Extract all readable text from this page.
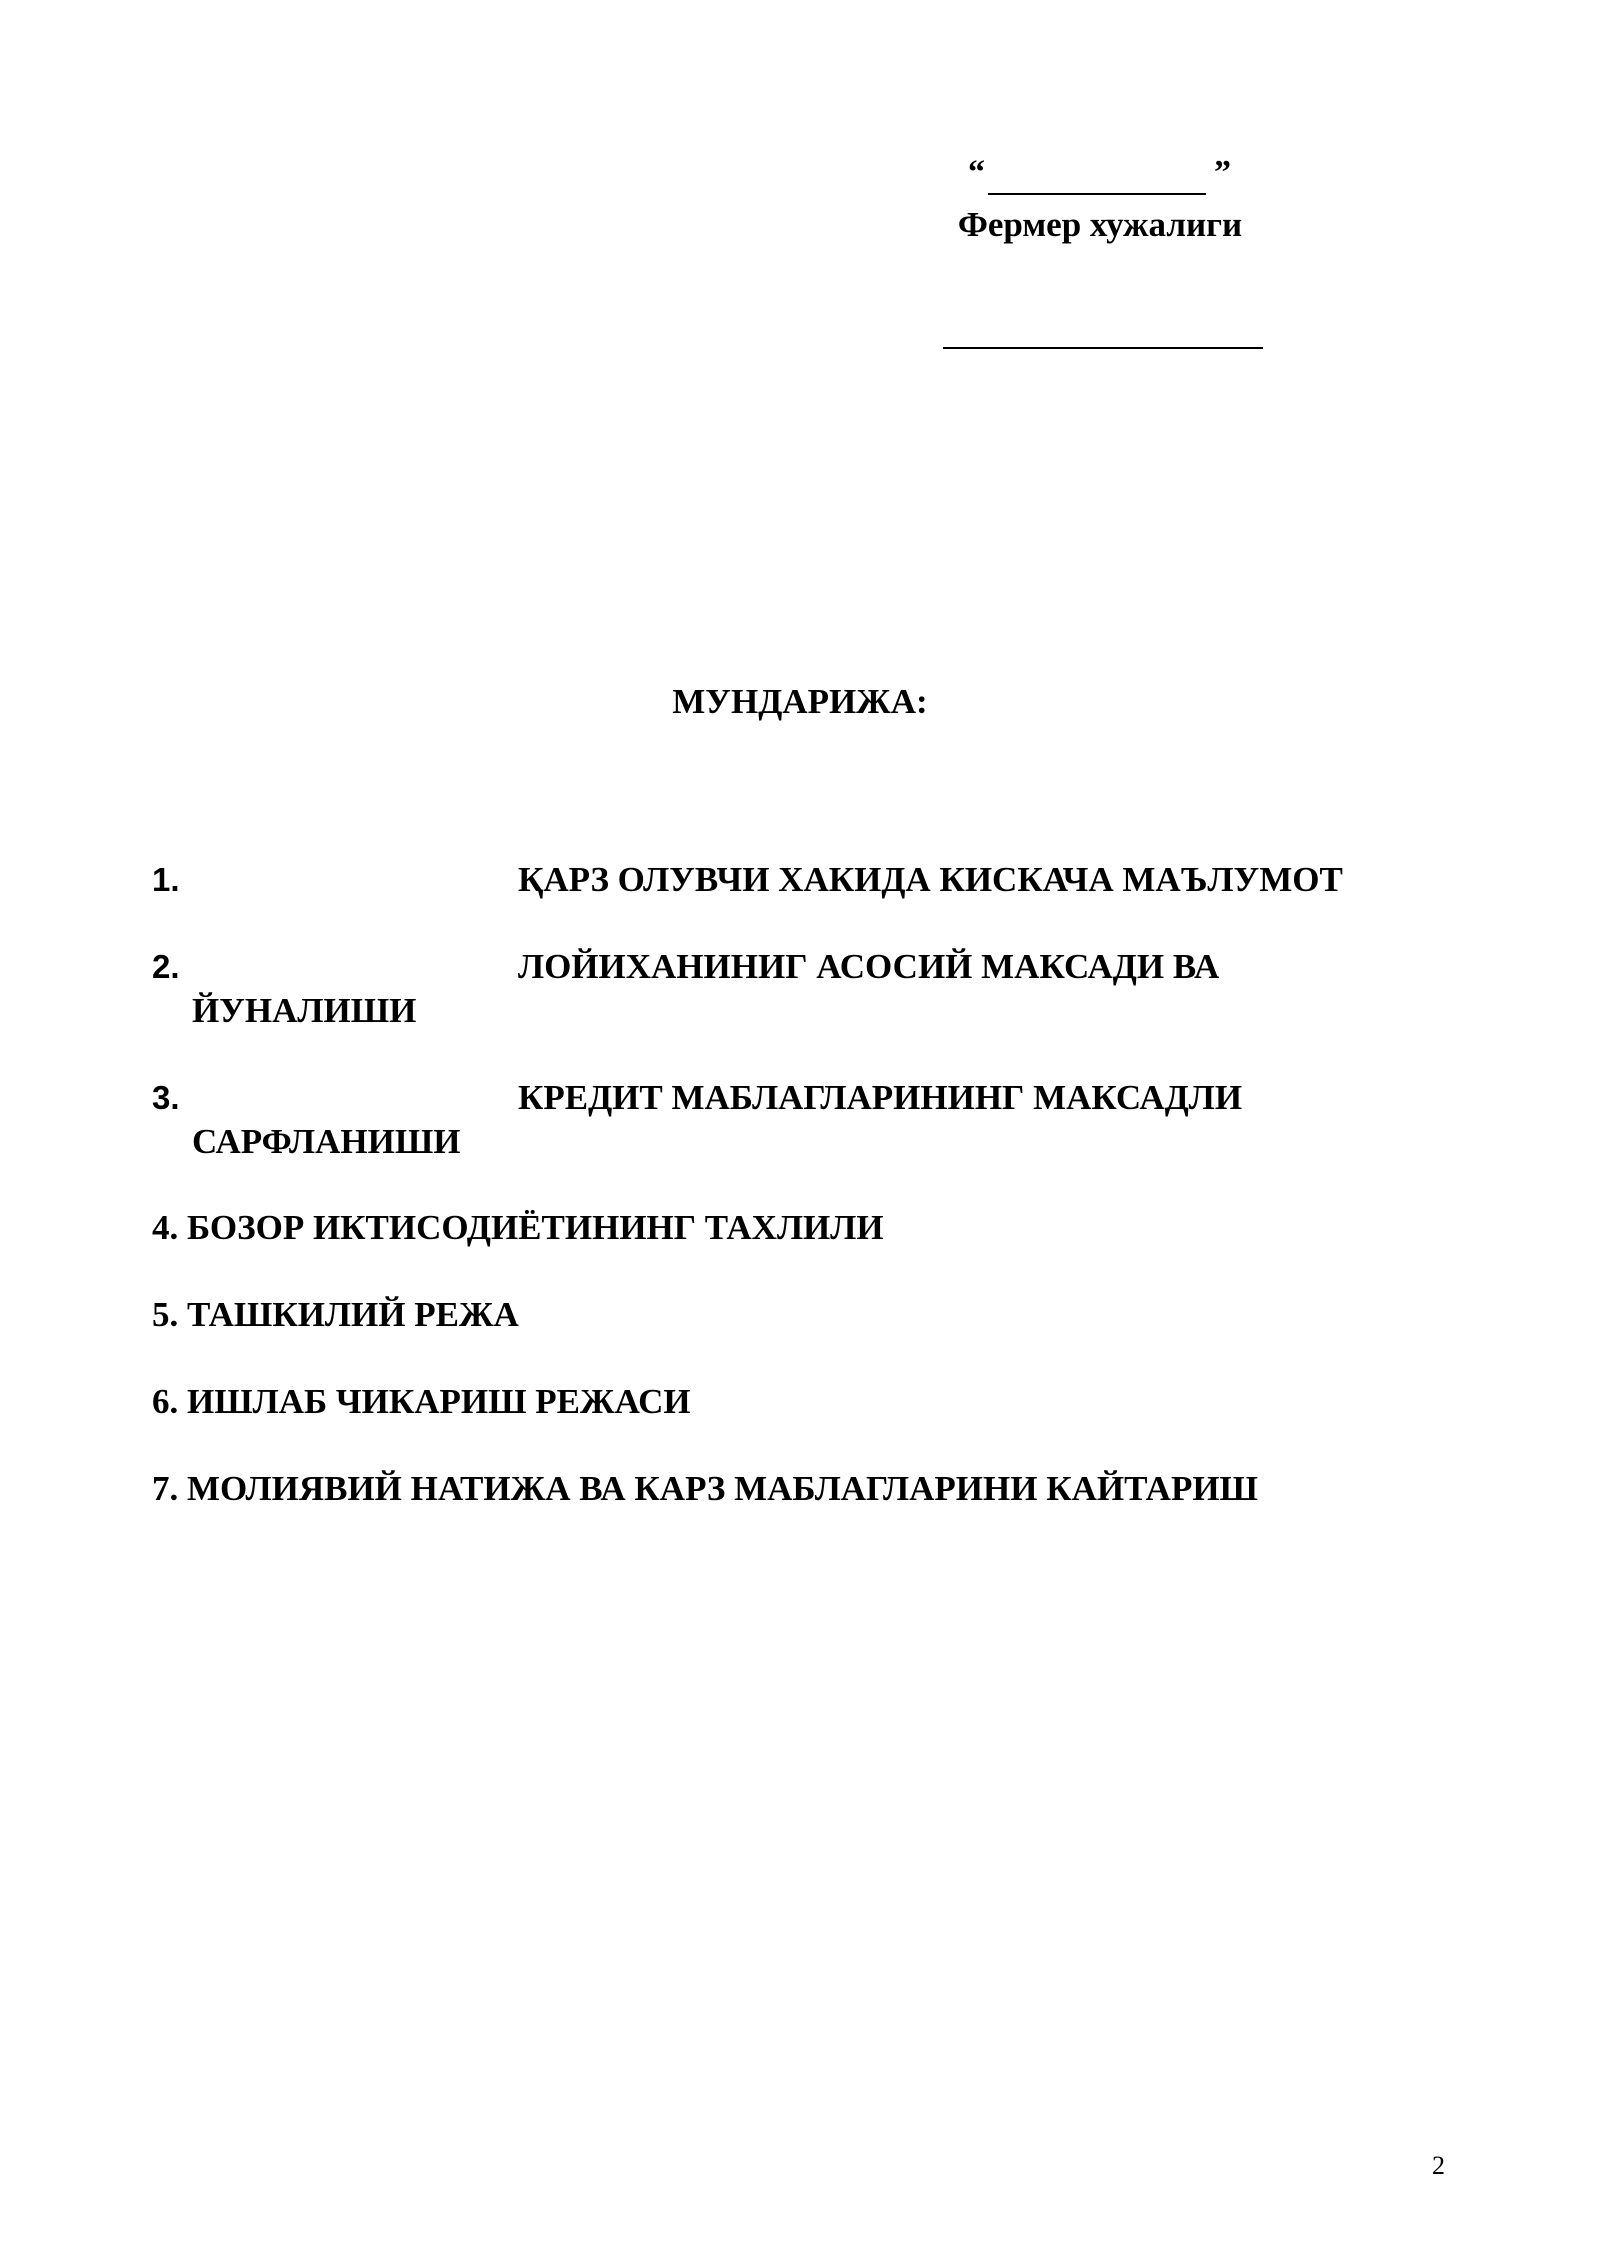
“	”
Фермер хужалиги
МУНДАРИЖА:
1.	ҚАРЗ ОЛУВЧИ ХАКИДА КИСКАЧА МАЪЛУМОТ
2.	ЛОЙИХАНИНИГ АСОСИЙ МАКСАДИ ВА
ЙУНАЛИШИ
3.	КРЕДИТ МАБЛАГЛАРИНИНГ МАКСАДЛИ
САРФЛАНИШИ
4. БОЗОР ИКТИСОДИЁТИНИНГ ТАХЛИЛИ
5. ТАШКИЛИЙ РЕЖА
6. ИШЛАБ ЧИКАРИШ РЕЖАСИ
7. МОЛИЯВИЙ НАТИЖА ВА КАРЗ МАБЛАГЛАРИНИ КАЙТАРИШ
2
